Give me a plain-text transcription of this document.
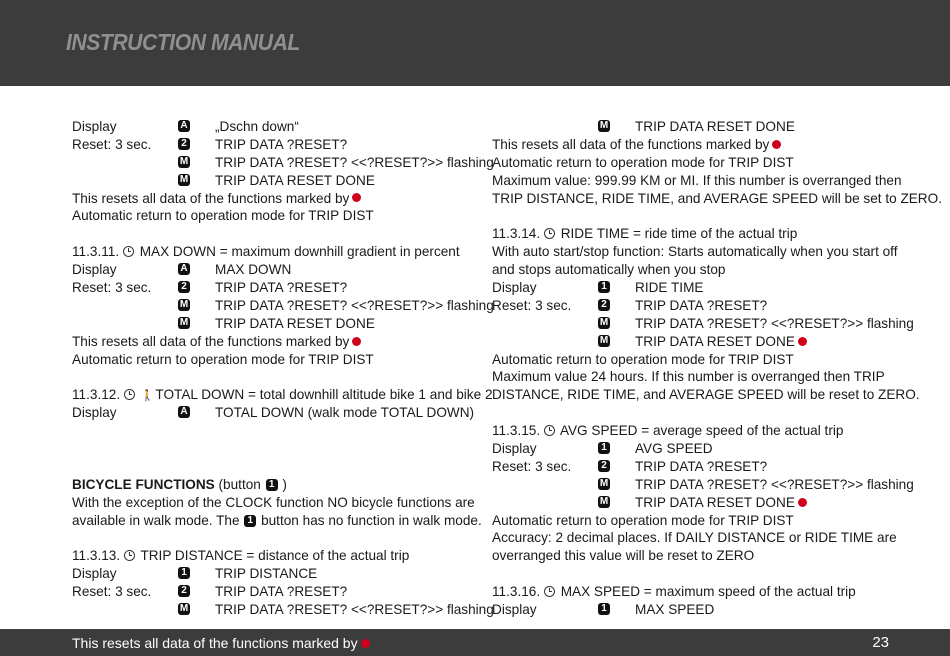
INSTRUCTION MANUAL
Display	A „Dschn down“
Reset: 3 sec.	2 TRIP DATA ?RESET?
M TRIP DATA ?RESET? <<?RESET?>> flashing
M TRIP DATA RESET DONE
This resets all data of the functions marked by
Automatic return to operation mode for TRIP DIST
11.3.11. MAX DOWN = maximum downhill gradient in percent
Display	A MAX DOWN
Reset: 3 sec.	2 TRIP DATA ?RESET?
M TRIP DATA ?RESET? <<?RESET?>> flashing
M TRIP DATA RESET DONE
This resets all data of the functions marked by
Automatic return to operation mode for TRIP DIST
11.3.12. 🚶TOTAL DOWN = total downhill altitude bike 1 and bike 2
Display	A TOTAL DOWN (walk mode TOTAL DOWN)
BICYCLE FUNCTIONS (button 1 )
With the exception of the CLOCK function NO bicycle functions are
available in walk mode. The 1 button has no function in walk mode.
11.3.13. TRIP DISTANCE = distance of the actual trip
Display	1 TRIP DISTANCE
Reset: 3 sec.	2 TRIP DATA ?RESET?
M TRIP DATA ?RESET? <<?RESET?>> flashing
M TRIP DATA RESET DONE
This resets all data of the functions marked by
Automatic return to operation mode for TRIP DIST
Maximum value: 999.99 KM or MI. If this number is overranged then
TRIP DISTANCE, RIDE TIME, and AVERAGE SPEED will be set to ZERO.
11.3.14. RIDE TIME = ride time of the actual trip
With auto start/stop function: Starts automatically when you start off
and stops automatically when you stop
Display	1 RIDE TIME
Reset: 3 sec.	2 TRIP DATA ?RESET?
M TRIP DATA ?RESET? <<?RESET?>> flashing
M TRIP DATA RESET DONE
Automatic return to operation mode for TRIP DIST
Maximum value 24 hours. If this number is overranged then TRIP
DISTANCE, RIDE TIME, and AVERAGE SPEED will be reset to ZERO.
11.3.15. AVG SPEED = average speed of the actual trip
Display	1 AVG SPEED
Reset: 3 sec.	2 TRIP DATA ?RESET?
M TRIP DATA ?RESET? <<?RESET?>> flashing
M TRIP DATA RESET DONE
Automatic return to operation mode for TRIP DIST
Accuracy: 2 decimal places. If DAILY DISTANCE or RIDE TIME are
overranged this value will be reset to ZERO
11.3.16. MAX SPEED = maximum speed of the actual trip
Display	1 MAX SPEED
This resets all data of the functions marked by	23
